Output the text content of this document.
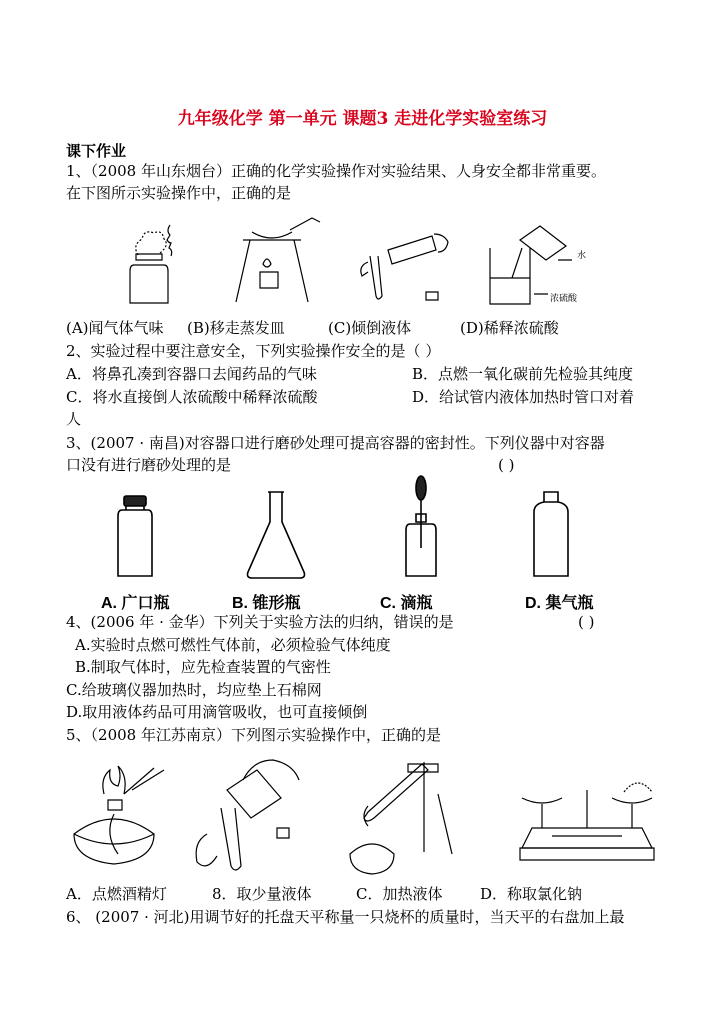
九年级化学 第一单元 课题3 走进化学实验室练习
课下作业
1、（2008 年山东烟台）正确的化学实验操作对实验结果、人身安全都非常重要。
在下图所示实验操作中，正确的是
水
浓硫酸
(A)闻气体气味 (B)移走蒸发皿	(C)倾倒液体	(D)稀释浓硫酸
2、实验过程中要注意安全，下列实验操作安全的是（ ）
A．将鼻孔凑到容器口去闻药品的气味	B．点燃一氧化碳前先检验其纯度
C．将水直接倒人浓硫酸中稀释浓硫酸	D．给试管内液体加热时管口对着
人
3、(2007 · 南昌)对容器口进行磨砂处理可提高容器的密封性。下列仪器中对容器
口没有进行磨砂处理的是	( )
A. 广口瓶	B. 锥形瓶	C. 滴瓶	D. 集气瓶
4、(2006 年 · 金华）下列关于实验方法的归纳，错误的是	( )
A.实验时点燃可燃性气体前，必须检验气体纯度
B.制取气体时，应先检查装置的气密性
C.给玻璃仪器加热时，均应垫上石棉网
D.取用液体药品可用滴管吸收，也可直接倾倒
5、（2008 年江苏南京）下列图示实验操作中，正确的是
A．点燃酒精灯	8．取少量液体	C．加热液体	D．称取氯化钠
6、 (2007 · 河北)用调节好的托盘天平称量一只烧杯的质量时，当天平的右盘加上最
